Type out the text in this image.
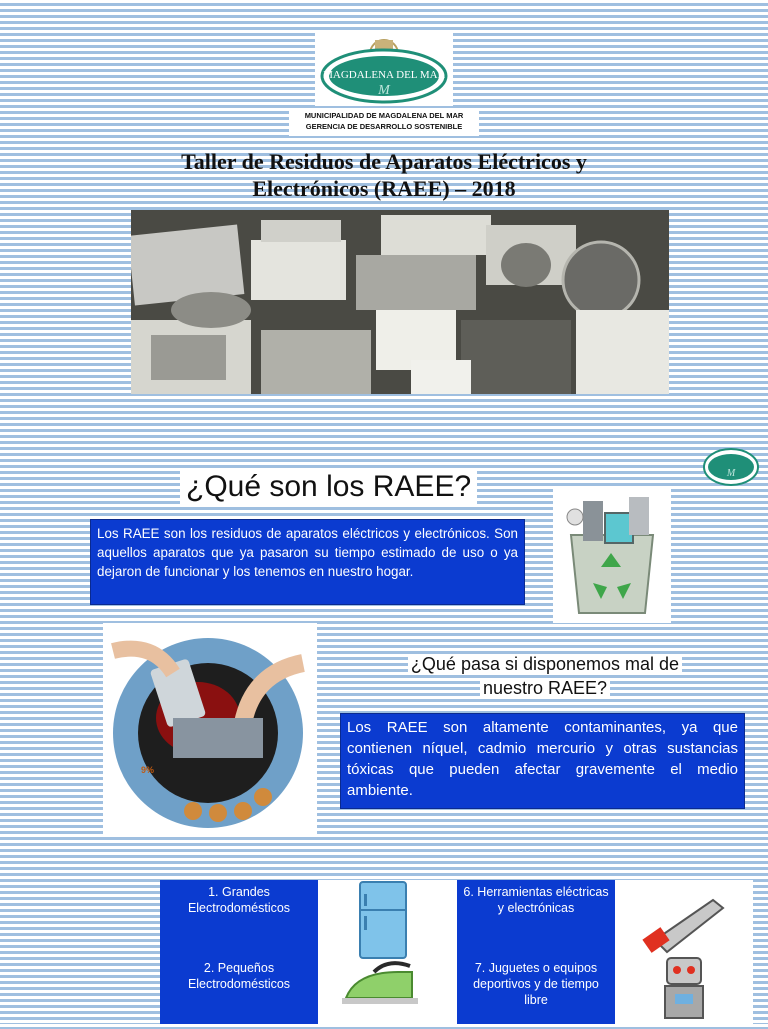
MAGDALENA DEL MAR
M
MUNICIPALIDAD DE MAGDALENA DEL MAR
GERENCIA DE DESARROLLO SOSTENIBLE
Taller de Residuos de Aparatos Eléctricos y
Electrónicos (RAEE) – 2018
M
¿Qué son los RAEE?
Los RAEE son los residuos de aparatos eléctricos y electrónicos. Son aquellos aparatos que ya pasaron su tiempo estimado de uso o ya dejaron de funcionar y los tenemos en nuestro hogar.
9%
¿Qué pasa si disponemos mal de
nuestro RAEE?
Los RAEE son altamente contaminantes, ya que contienen níquel, cadmio mercurio y otras sustancias tóxicas que pueden afectar gravemente el medio ambiente.
1. Grandes Electrodomésticos
2. Pequeños Electrodomésticos
6. Herramientas eléctricas y electrónicas
7. Juguetes o equipos deportivos y de tiempo libre
